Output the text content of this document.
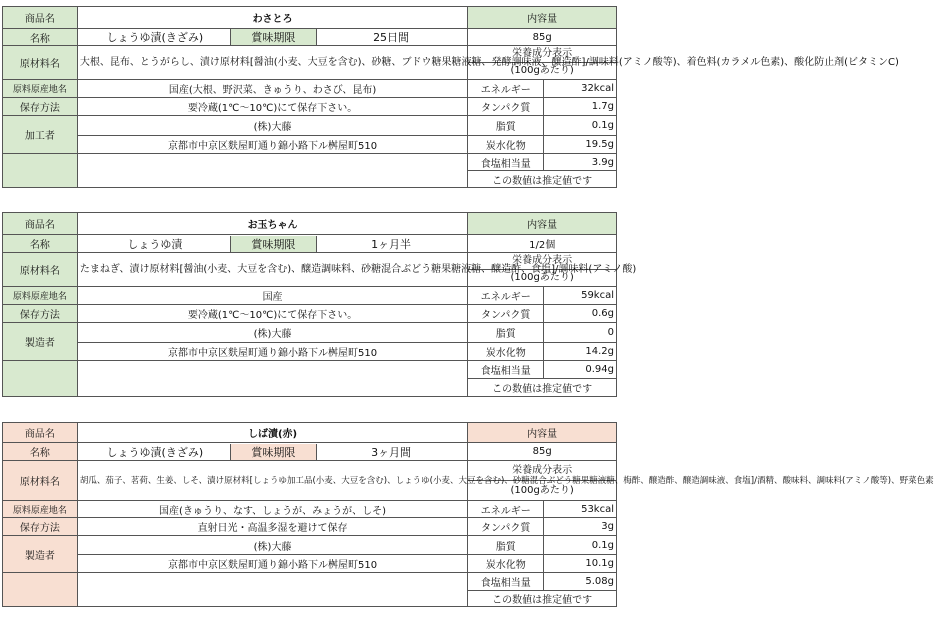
商品名	わさとろ	内容量	
名称	しょうゆ漬(きざみ) 賞味期限 25日間	85g	
原材料名	大根、昆布、とうがらし、漬け原材料[醤油(小麦、大豆を含む)、砂糖、ブドウ糖果糖液糖、発酵調味液、醸造酢]/調味料(アミノ酸等)、着色料(カラメル色素)、酸化防止剤(ビタミンC)	栄養成分表示	
		(100gあたり)	
原料原産地名	国産(大根、野沢菜、きゅうり、わさび、昆布)	エネルギー	32kcal
保存方法	要冷蔵(1℃～10℃)にて保存下さい。	タンパク質	1.7g
加工者	(株)大藤	脂質	0.1g
	京都市中京区麩屋町通り錦小路下ル桝屋町510	炭水化物	19.5g
		食塩相当量	3.9g
		この数値は推定値です	
商品名	お玉ちゃん	内容量	
名称	しょうゆ漬 賞味期限 1ヶ月半	1/2個	
原材料名	たまねぎ、漬け原材料[醤油(小麦、大豆を含む)、醸造調味料、砂糖混合ぶどう糖果糖液糖、醸造酢、食塩]/調味料(アミノ酸)	栄養成分表示	
		(100gあたり)	
原料原産地名	国産	エネルギー	59kcal
保存方法	要冷蔵(1℃～10℃)にて保存下さい。	タンパク質	0.6g
製造者	(株)大藤	脂質	0
	京都市中京区麩屋町通り錦小路下ル桝屋町510	炭水化物	14.2g
		食塩相当量	0.94g
		この数値は推定値です	
商品名	しば漬(赤)	内容量	
名称	しょうゆ漬(きざみ) 賞味期限 3ヶ月間	85g	
原材料名	胡瓜、茄子、茗荷、生姜、しそ、漬け原材料[しょうゆ加工品(小麦、大豆を含む)、しょうゆ(小麦、大豆を含む)、砂糖混合ぶどう糖果糖液糖、梅酢、醸造酢、醸造調味液、食塩]/酒精、酸味料、調味料(アミノ酸等)、野菜色素	栄養成分表示	
		(100gあたり)	
原料原産地名	国産(きゅうり、なす、しょうが、みょうが、しそ)	エネルギー	53kcal
保存方法	直射日光・高温多湿を避けて保存	タンパク質	3g
製造者	(株)大藤	脂質	0.1g
	京都市中京区麩屋町通り錦小路下ル桝屋町510	炭水化物	10.1g
		食塩相当量	5.08g
		この数値は推定値です	
